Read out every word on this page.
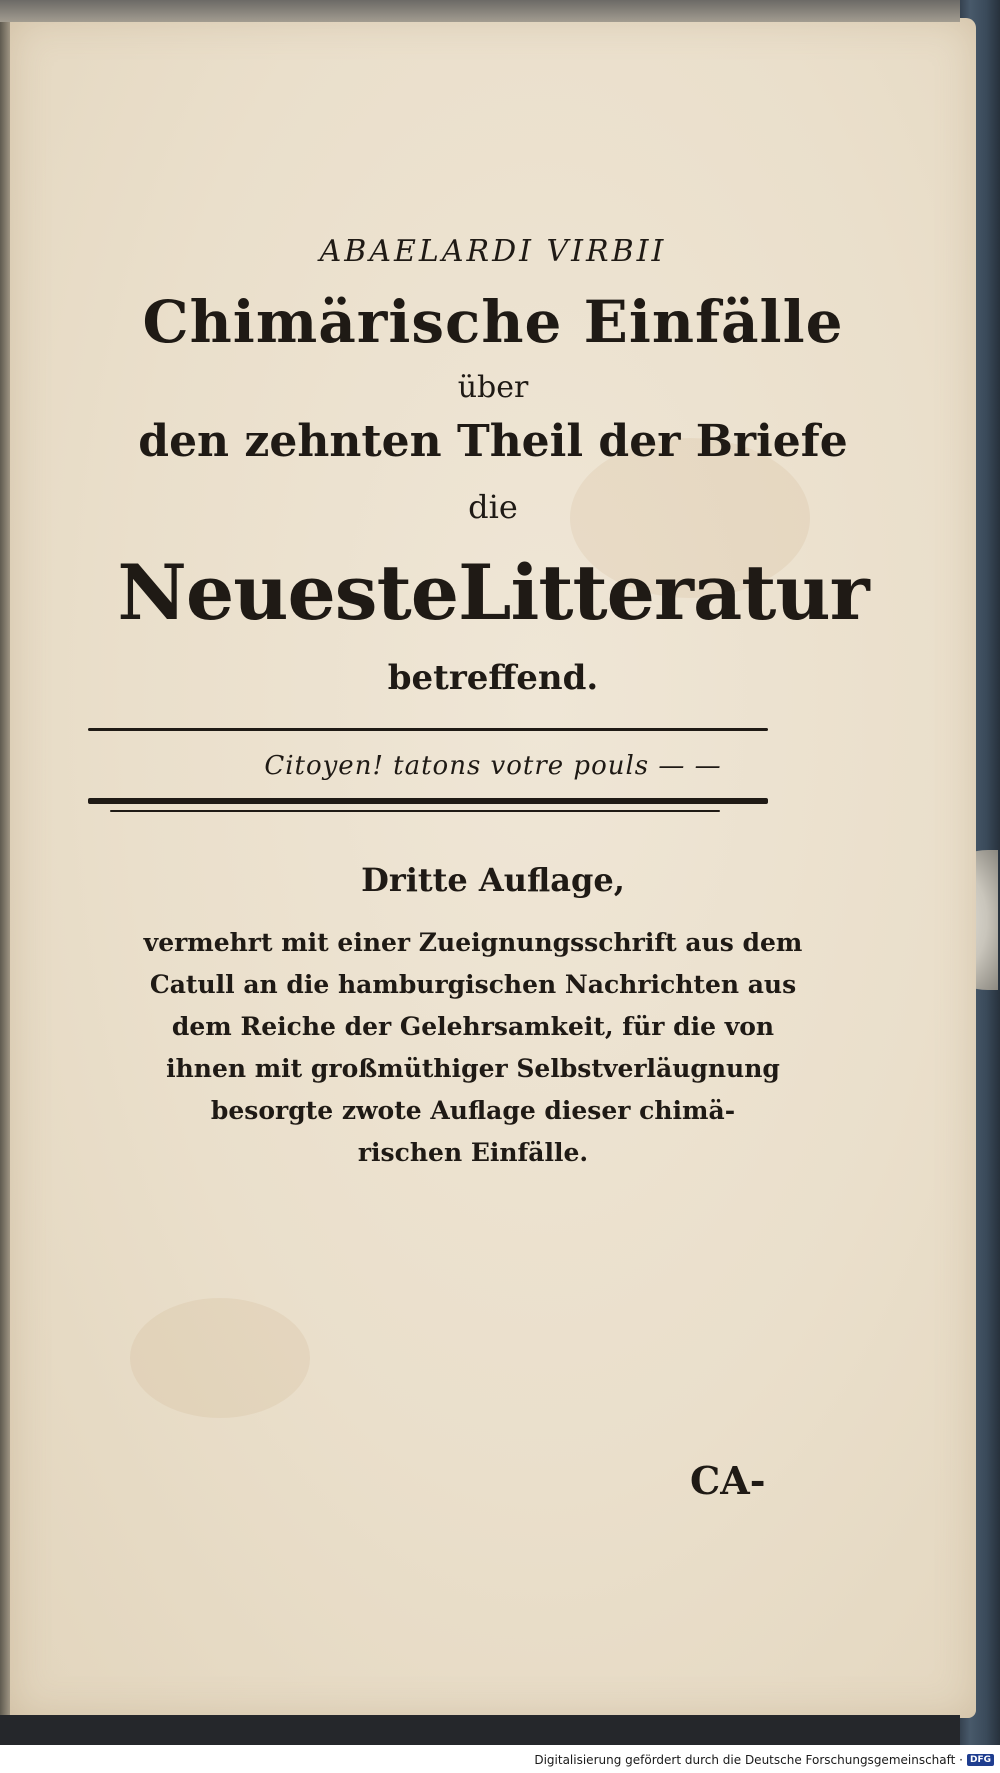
ABAELARDI VIRBII
Chimärische Einfälle
über
den zehnten Theil der Briefe
die
NeuesteLitteratur
betreffend.
Citoyen! tatons votre pouls — —
Dritte Auflage,
vermehrt mit einer Zueignungsschrift aus dem
Catull an die hamburgischen Nachrichten aus
dem Reiche der Gelehrsamkeit, für die von
ihnen mit großmüthiger Selbstverläugnung
besorgte zwote Auflage dieser chimä-
rischen Einfälle.
CA-
Digitalisierung gefördert durch die Deutsche Forschungsgemeinschaft · DFG
